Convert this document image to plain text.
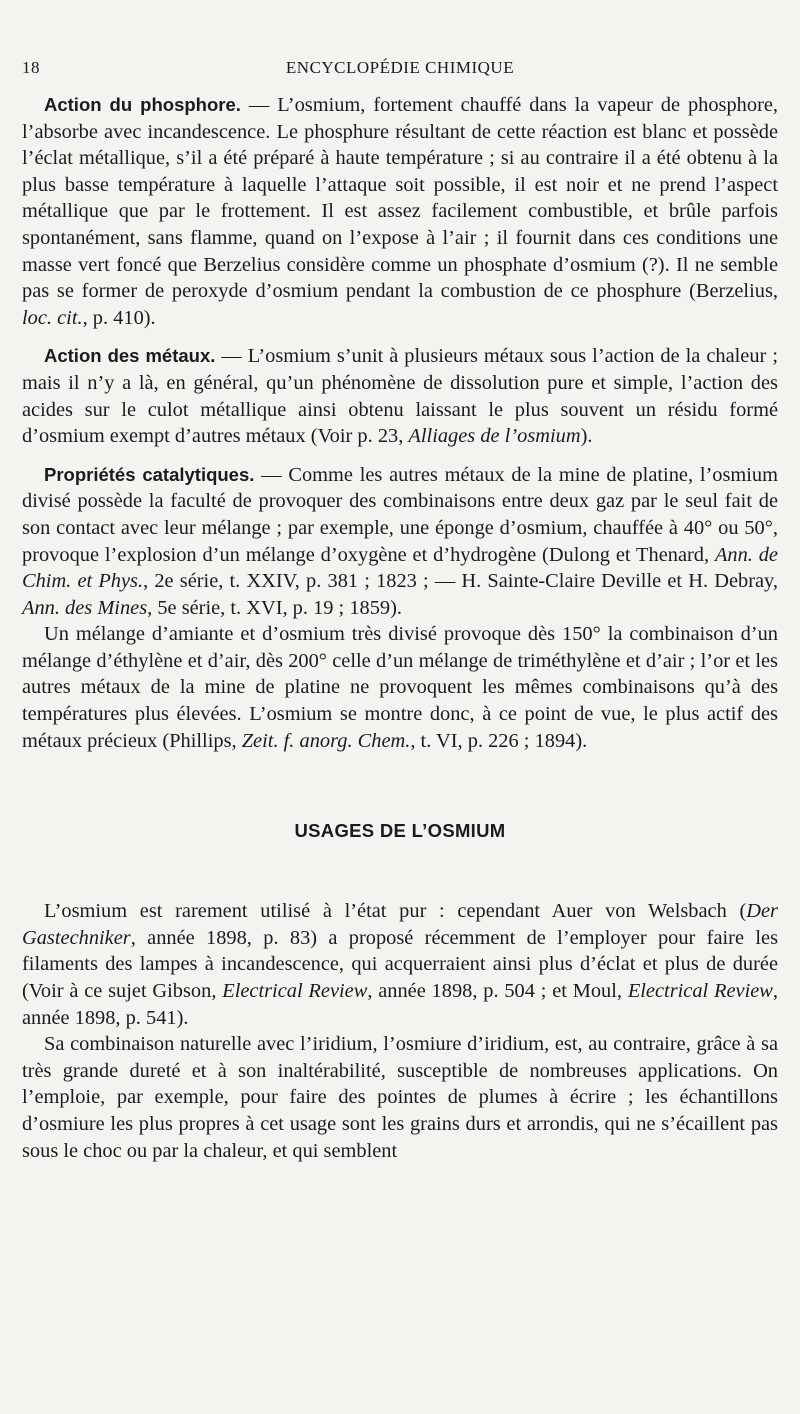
18	ENCYCLOPÉDIE CHIMIQUE

Action du phosphore. — L’osmium, fortement chauffé dans la vapeur de phosphore, l’absorbe avec incandescence. Le phosphure résultant de cette réaction est blanc et possède l’éclat métallique, s’il a été préparé à haute température ; si au contraire il a été obtenu à la plus basse température à laquelle l’attaque soit possible, il est noir et ne prend l’aspect métallique que par le frottement. Il est assez facilement combustible, et brûle parfois spontanément, sans flamme, quand on l’expose à l’air ; il fournit dans ces conditions une masse vert foncé que Berzelius considère comme un phosphate d’osmium (?). Il ne semble pas se former de peroxyde d’osmium pendant la combustion de ce phosphure (Berzelius, loc. cit., p. 410).

Action des métaux. — L’osmium s’unit à plusieurs métaux sous l’action de la chaleur ; mais il n’y a là, en général, qu’un phénomène de dissolution pure et simple, l’action des acides sur le culot métallique ainsi obtenu laissant le plus souvent un résidu formé d’osmium exempt d’autres métaux (Voir p. 23, Alliages de l’osmium).

Propriétés catalytiques. — Comme les autres métaux de la mine de platine, l’osmium divisé possède la faculté de provoquer des combinaisons entre deux gaz par le seul fait de son contact avec leur mélange ; par exemple, une éponge d’osmium, chauffée à 40° ou 50°, provoque l’explosion d’un mélange d’oxygène et d’hydrogène (Dulong et Thenard, Ann. de Chim. et Phys., 2e série, t. XXIV, p. 381 ; 1823 ; — H. Sainte-Claire Deville et H. Debray, Ann. des Mines, 5e série, t. XVI, p. 19 ; 1859).

Un mélange d’amiante et d’osmium très divisé provoque dès 150° la combinaison d’un mélange d’éthylène et d’air, dès 200° celle d’un mélange de triméthylène et d’air ; l’or et les autres métaux de la mine de platine ne provoquent les mêmes combinaisons qu’à des températures plus élevées. L’osmium se montre donc, à ce point de vue, le plus actif des métaux précieux (Phillips, Zeit. f. anorg. Chem., t. VI, p. 226 ; 1894).

USAGES DE L’OSMIUM

L’osmium est rarement utilisé à l’état pur : cependant Auer von Welsbach (Der Gastechniker, année 1898, p. 83) a proposé récemment de l’employer pour faire les filaments des lampes à incandescence, qui acquerraient ainsi plus d’éclat et plus de durée (Voir à ce sujet Gibson, Electrical Review, année 1898, p. 504 ; et Moul, Electrical Review, année 1898, p. 541).

Sa combinaison naturelle avec l’iridium, l’osmiure d’iridium, est, au contraire, grâce à sa très grande dureté et à son inaltérabilité, susceptible de nombreuses applications. On l’emploie, par exemple, pour faire des pointes de plumes à écrire ; les échantillons d’osmiure les plus propres à cet usage sont les grains durs et arrondis, qui ne s’écaillent pas sous le choc ou par la chaleur, et qui semblent
